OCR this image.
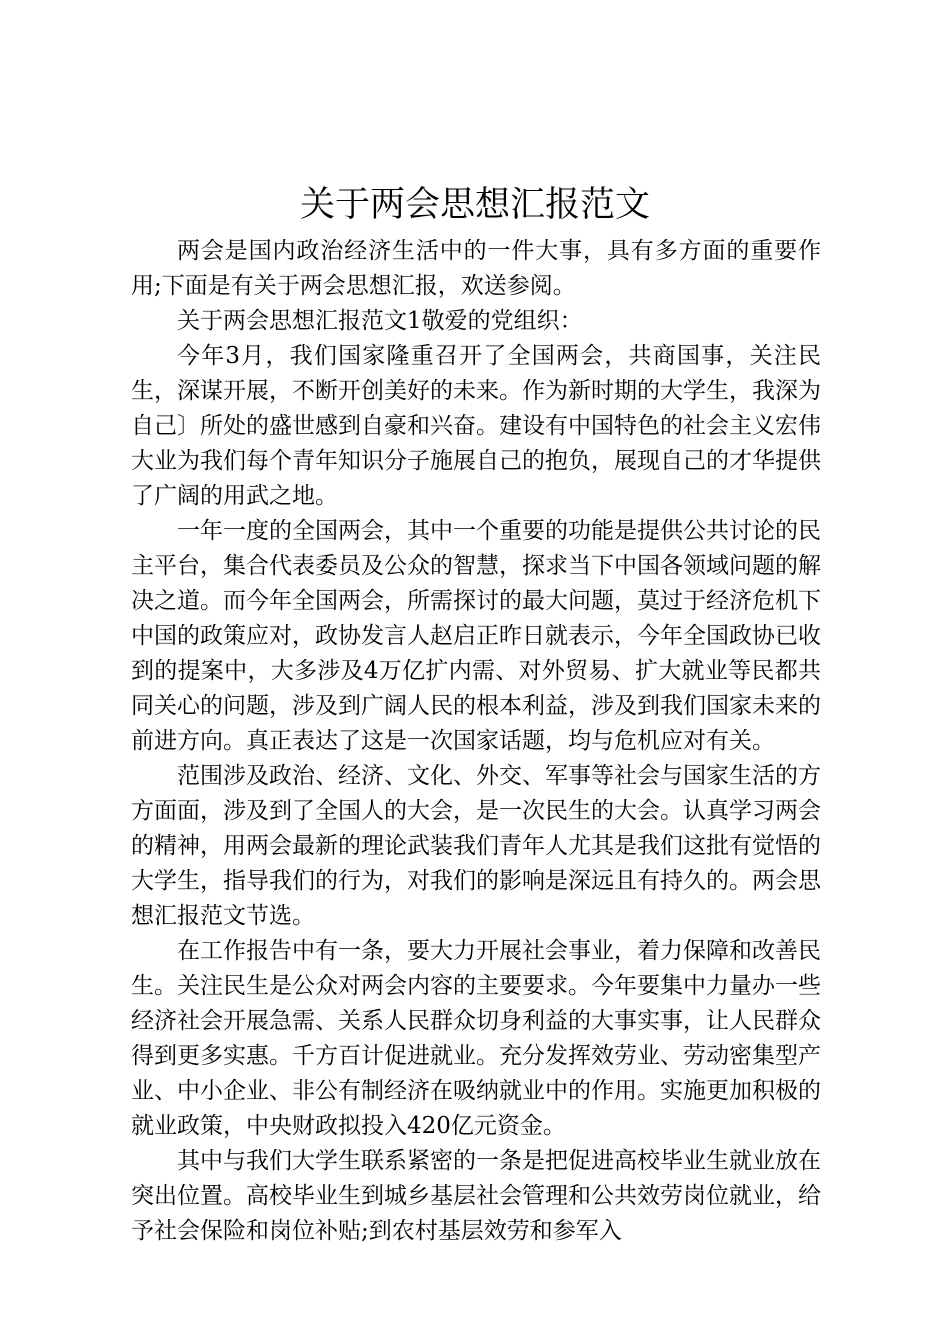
关于两会思想汇报范文

两会是国内政治经济生活中的一件大事，具有多方面的重要作用;下面是有关于两会思想汇报，欢送参阅。

关于两会思想汇报范文1敬爱的党组织：

今年3月，我们国家隆重召开了全国两会，共商国事，关注民生，深谋开展，不断开创美好的未来。作为新时期的大学生，我深为自己〕所处的盛世感到自豪和兴奋。建设有中国特色的社会主义宏伟大业为我们每个青年知识分子施展自己的抱负，展现自己的才华提供了广阔的用武之地。

一年一度的全国两会，其中一个重要的功能是提供公共讨论的民主平台，集合代表委员及公众的智慧，探求当下中国各领域问题的解决之道。而今年全国两会，所需探讨的最大问题，莫过于经济危机下中国的政策应对，政协发言人赵启正昨日就表示，今年全国政协已收到的提案中，大多涉及4万亿扩内需、对外贸易、扩大就业等民都共同关心的问题，涉及到广阔人民的根本利益，涉及到我们国家未来的前进方向。真正表达了这是一次国家话题，均与危机应对有关。

范围涉及政治、经济、文化、外交、军事等社会与国家生活的方方面面，涉及到了全国人的大会，是一次民生的大会。认真学习两会的精神，用两会最新的理论武装我们青年人尤其是我们这批有觉悟的大学生，指导我们的行为，对我们的影响是深远且有持久的。两会思想汇报范文节选。

在工作报告中有一条，要大力开展社会事业，着力保障和改善民生。关注民生是公众对两会内容的主要要求。今年要集中力量办一些经济社会开展急需、关系人民群众切身利益的大事实事，让人民群众得到更多实惠。千方百计促进就业。充分发挥效劳业、劳动密集型产业、中小企业、非公有制经济在吸纳就业中的作用。实施更加积极的就业政策，中央财政拟投入420亿元资金。

其中与我们大学生联系紧密的一条是把促进高校毕业生就业放在突出位置。高校毕业生到城乡基层社会管理和公共效劳岗位就业，给予社会保险和岗位补贴;到农村基层效劳和参军入
